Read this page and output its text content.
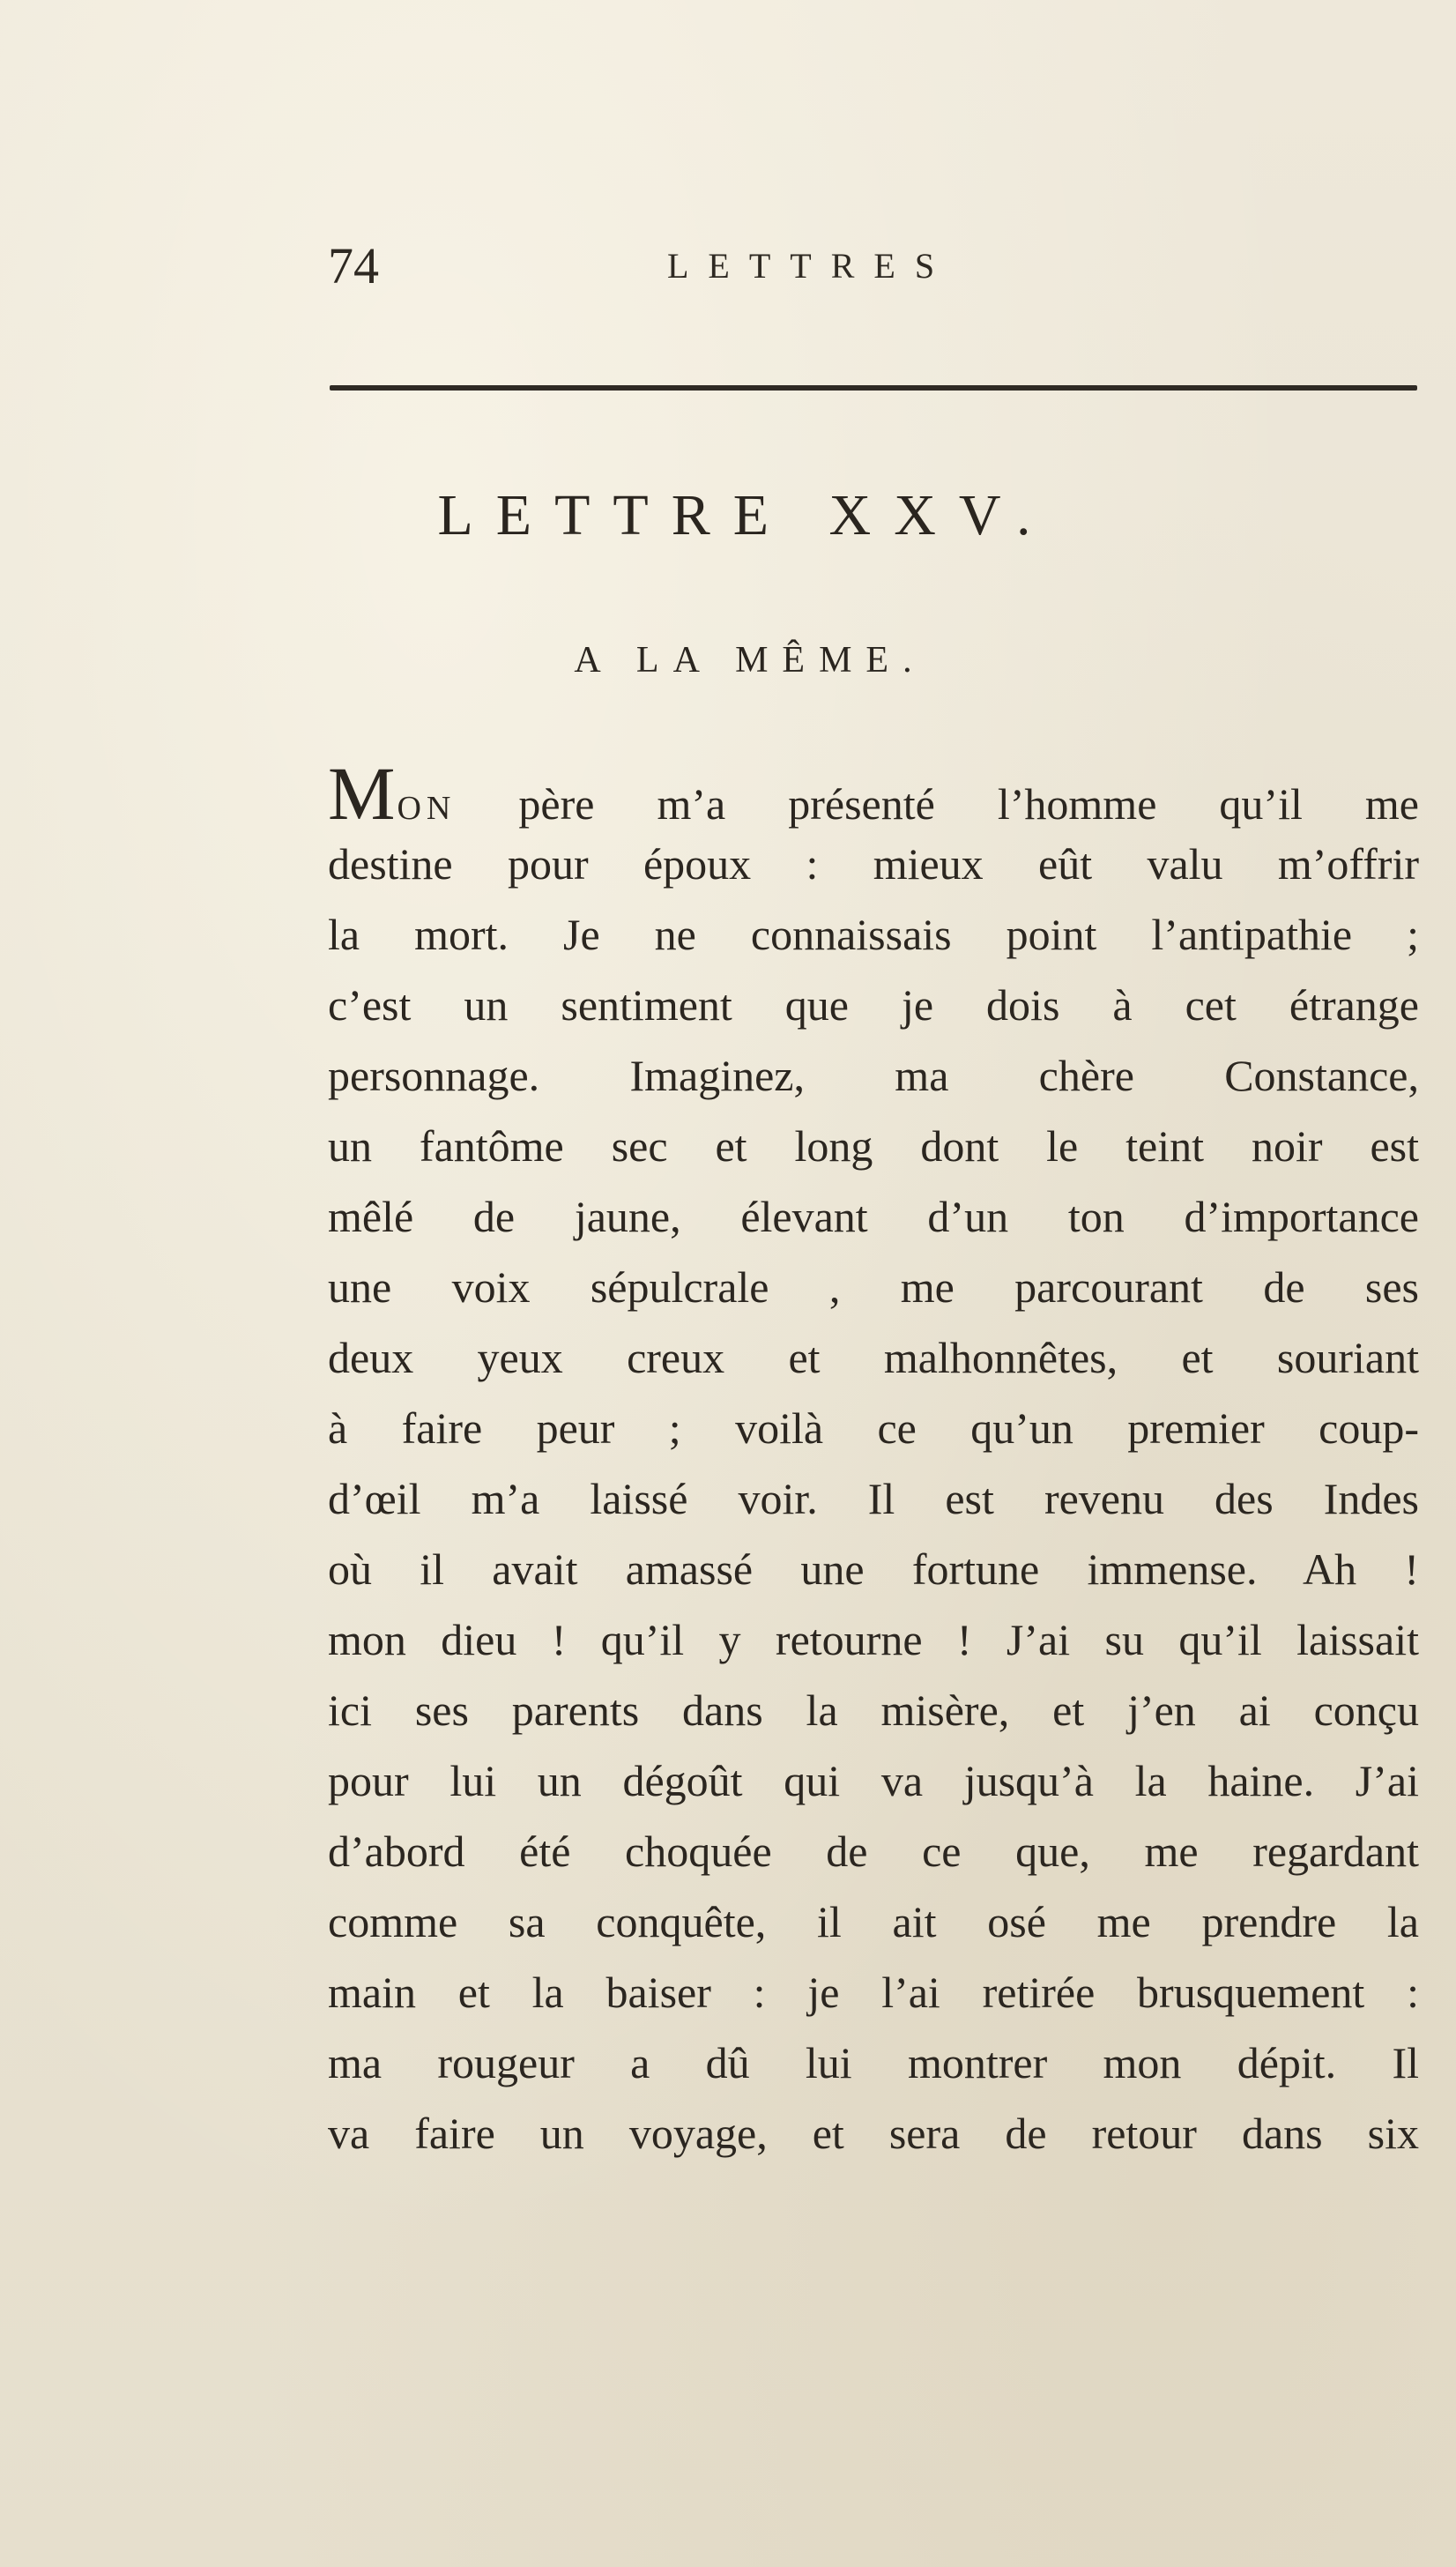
74	LETTRES
LETTRE XXV.
A LA MÊME.
MON père m’a présenté l’homme qu’il me
destine pour époux : mieux eût valu m’offrir
la mort. Je ne connaissais point l’antipathie ;
c’est un sentiment que je dois à cet étrange
personnage. Imaginez, ma chère Constance,
un fantôme sec et long dont le teint noir est
mêlé de jaune, élevant d’un ton d’importance
une voix sépulcrale , me parcourant de ses
deux yeux creux et malhonnêtes, et souriant
à faire peur ; voilà ce qu’un premier coup-
d’œil m’a laissé voir. Il est revenu des Indes
où il avait amassé une fortune immense. Ah !
mon dieu ! qu’il y retourne ! J’ai su qu’il laissait
ici ses parents dans la misère, et j’en ai conçu
pour lui un dégoût qui va jusqu’à la haine. J’ai
d’abord été choquée de ce que, me regardant
comme sa conquête, il ait osé me prendre la
main et la baiser : je l’ai retirée brusquement :
ma rougeur a dû lui montrer mon dépit. Il
va faire un voyage, et sera de retour dans six
